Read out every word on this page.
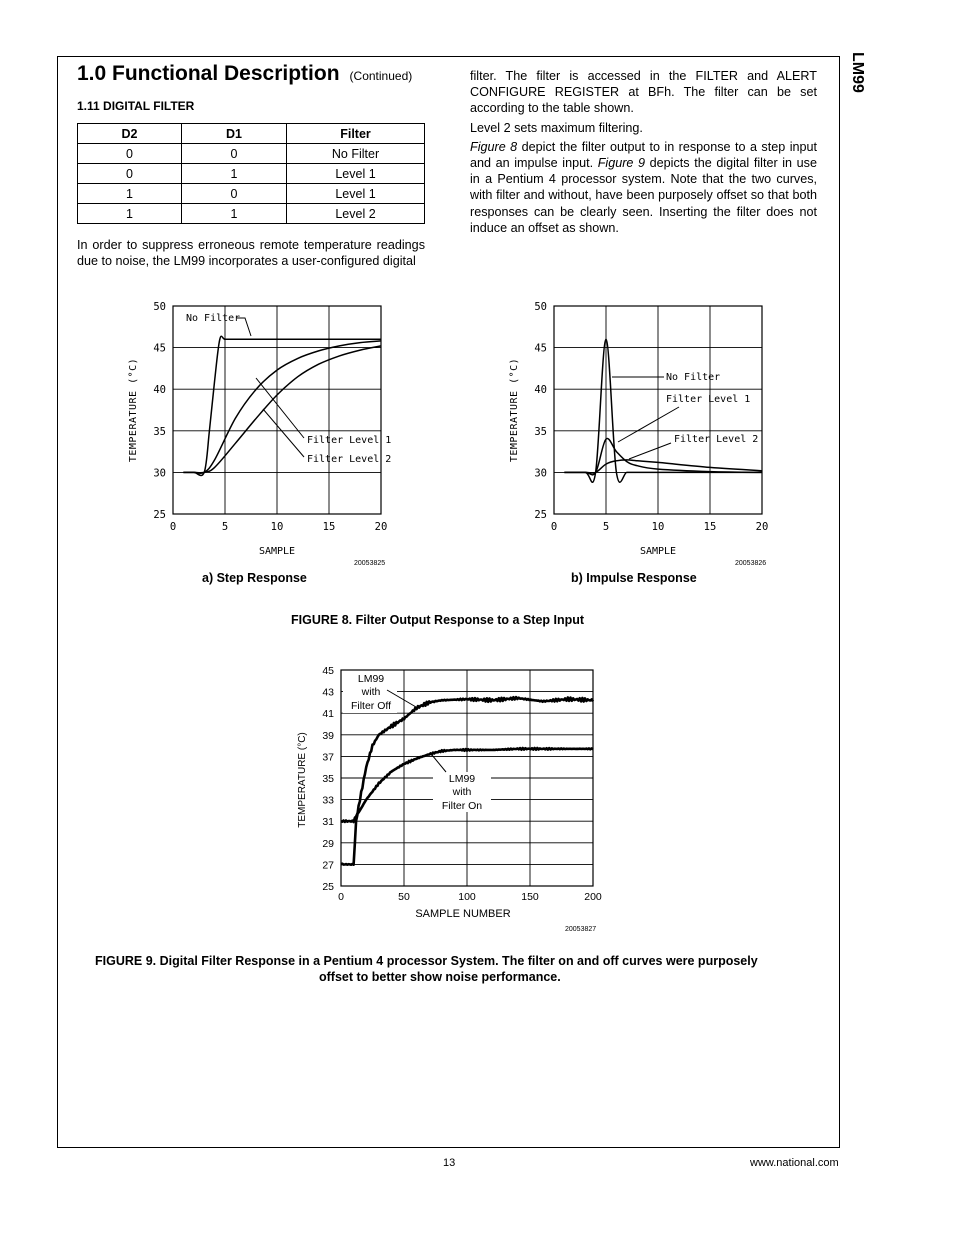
LM99
1.0 Functional Description (Continued)
1.11 DIGITAL FILTER
D2	D1	Filter
0	0	No Filter
0	1	Level 1
1	0	Level 1
1	1	Level 2

In order to suppress erroneous remote temperature readings due to noise, the LM99 incorporates a user-configured digital

filter. The filter is accessed in the FILTER and ALERT CONFIGURE REGISTER at BFh. The filter can be set according to the table shown.

Level 2 sets maximum filtering.

Figure 8 depict the filter output to in response to a step input and an impulse input. Figure 9 depicts the digital filter in use in a Pentium 4 processor system. Note that the two curves, with filter and without, have been purposely offset so that both responses can be clearly seen. Inserting the filter does not induce an offset as shown.

50
45
40
35
30
25
0	5	10	15	20
TEMPERATURE (°C)
SAMPLE
No Filter
Filter Level 1
Filter Level 2
20053825
a) Step Response
50
45
40
35
30
25
0	5	10	15	20
TEMPERATURE (°C)
SAMPLE
No Filter
Filter Level 1
Filter Level 2
20053826
b) Impulse Response
FIGURE 8. Filter Output Response to a Step Input
45
43
41
39
37
35
33
31
29
27
25
0	50	100	150	200
TEMPERATURE (°C)
SAMPLE NUMBER
LM99
with
Filter Off
LM99
with
Filter On
20053827
FIGURE 9. Digital Filter Response in a Pentium 4 processor System. The filter on and off curves were purposely
offset to better show noise performance.
13	www.national.com
